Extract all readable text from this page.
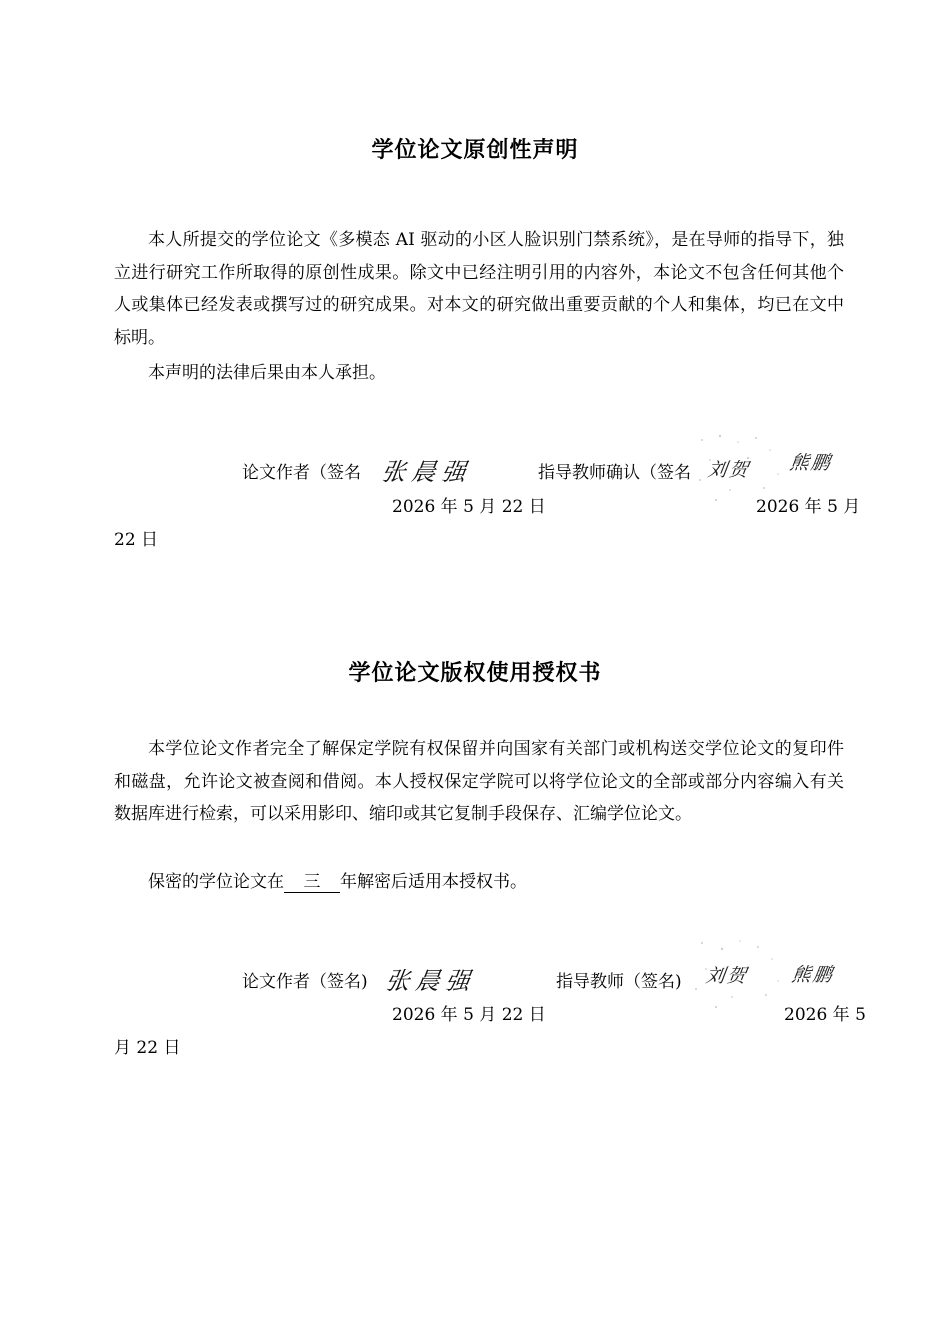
学位论文原创性声明

本人所提交的学位论文《多模态 AI 驱动的小区人脸识别门禁系统》，是在导师的指导下，独立进行研究工作所取得的原创性成果。除文中已经注明引用的内容外，本论文不包含任何其他个人或集体已经发表或撰写过的研究成果。对本文的研究做出重要贡献的个人和集体，均已在文中标明。

本声明的法律后果由本人承担。

论文作者（签名 张晨强	指导教师确认（签名 刘贺 熊鹏
2026 年 5 月 22 日	2026 年 5 月
22 日
学位论文版权使用授权书

本学位论文作者完全了解保定学院有权保留并向国家有关部门或机构送交学位论文的复印件和磁盘，允许论文被查阅和借阅。本人授权保定学院可以将学位论文的全部或部分内容编入有关数据库进行检索，可以采用影印、缩印或其它复制手段保存、汇编学位论文。

保密的学位论文在 三 年解密后适用本授权书。

论文作者（签名) 张晨强	指导教师（签名) 刘贺 熊鹏
2026 年 5 月 22 日	2026 年 5
月 22 日
